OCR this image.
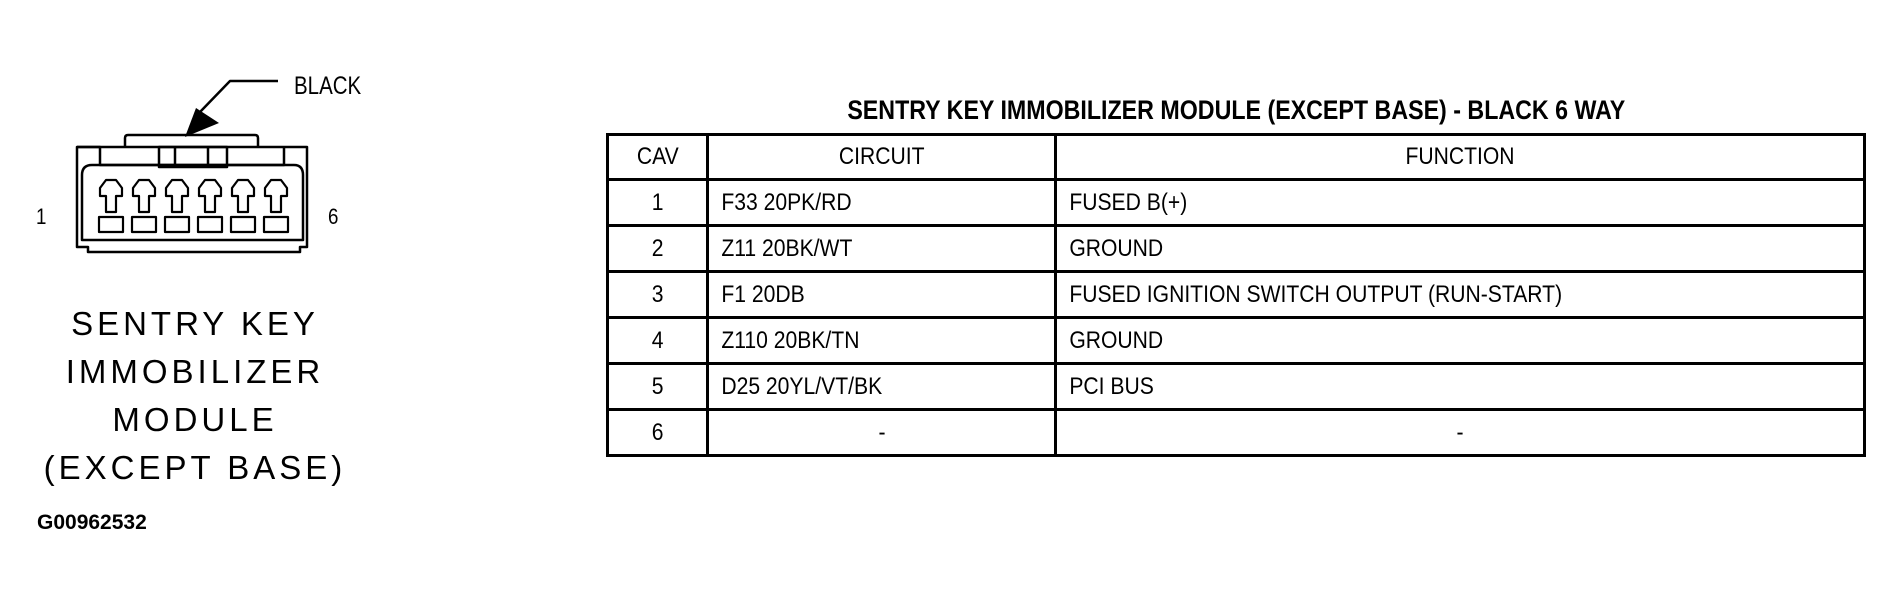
BLACK
1	6
SENTRY KEY
IMMOBILIZER
MODULE
(EXCEPT BASE)
G00962532
SENTRY KEY IMMOBILIZER MODULE (EXCEPT BASE) - BLACK 6 WAY
CAV	CIRCUIT	FUNCTION
1	F33 20PK/RD	FUSED B(+)
2	Z11 20BK/WT	GROUND
3	F1 20DB	FUSED IGNITION SWITCH OUTPUT (RUN-START)
4	Z110 20BK/TN	GROUND
5	D25 20YL/VT/BK	PCI BUS
6	-	-
